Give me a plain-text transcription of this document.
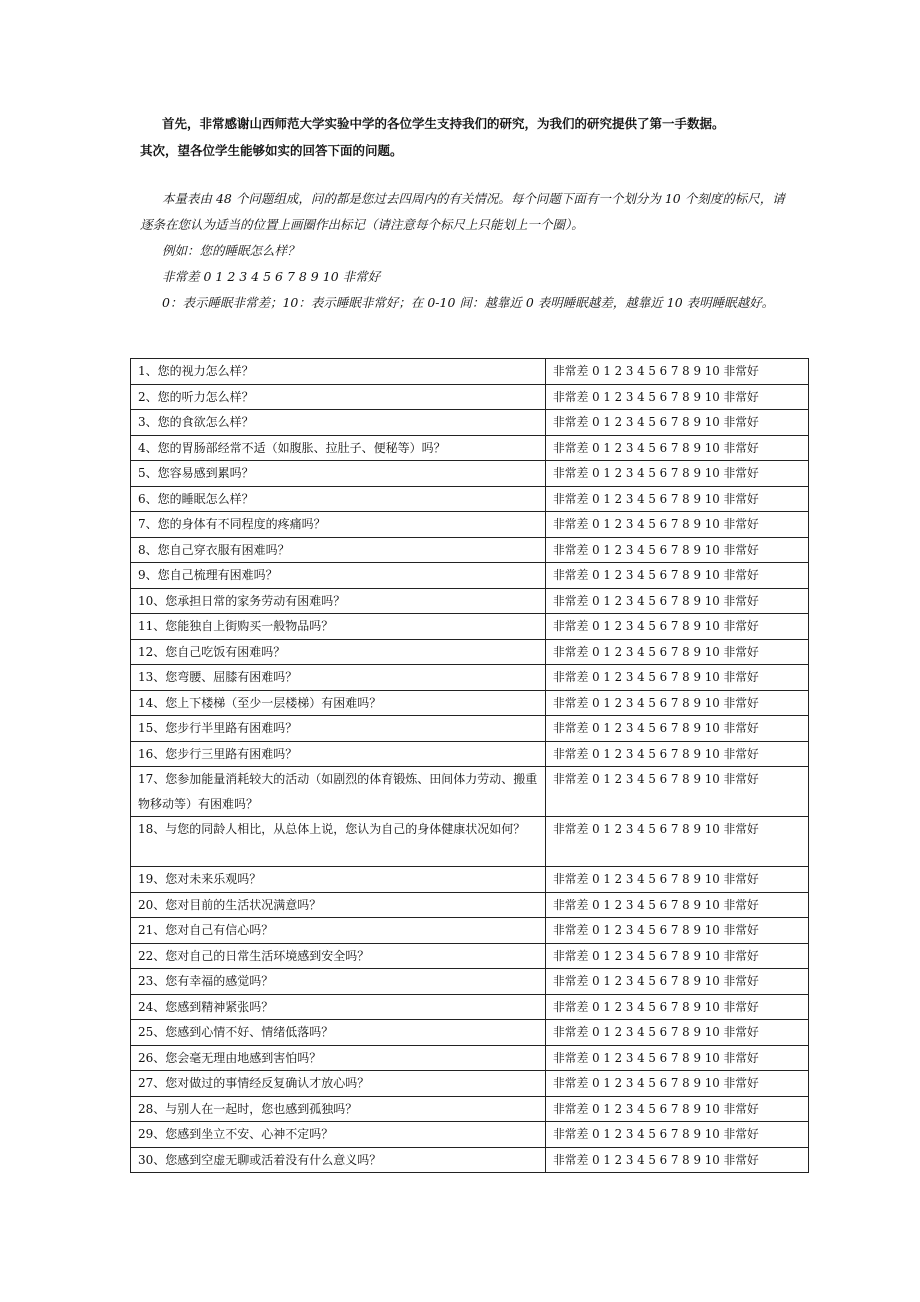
首先，非常感谢山西师范大学实验中学的各位学生支持我们的研究，为我们的研究提供了第一手数据。

其次，望各位学生能够如实的回答下面的问题。

本量表由 48 个问题组成，问的都是您过去四周内的有关情况。每个问题下面有一个划分为 10 个刻度的标尺，请逐条在您认为适当的位置上画圈作出标记（请注意每个标尺上只能划上一个圈）。

例如：您的睡眠怎么样？

非常差 0 1 2 3 4 5 6 7 8 9 10 非常好

0：表示睡眠非常差；10：表示睡眠非常好；在 0-10 间：越靠近 0 表明睡眠越差，越靠近 10 表明睡眠越好。

1、您的视力怎么样？	非常差 0 1 2 3 4 5 6 7 8 9 10 非常好
2、您的听力怎么样？	非常差 0 1 2 3 4 5 6 7 8 9 10 非常好
3、您的食欲怎么样？	非常差 0 1 2 3 4 5 6 7 8 9 10 非常好
4、您的胃肠部经常不适（如腹胀、拉肚子、便秘等）吗？	非常差 0 1 2 3 4 5 6 7 8 9 10 非常好
5、您容易感到累吗？	非常差 0 1 2 3 4 5 6 7 8 9 10 非常好
6、您的睡眠怎么样？	非常差 0 1 2 3 4 5 6 7 8 9 10 非常好
7、您的身体有不同程度的疼痛吗？	非常差 0 1 2 3 4 5 6 7 8 9 10 非常好
8、您自己穿衣服有困难吗？	非常差 0 1 2 3 4 5 6 7 8 9 10 非常好
9、您自己梳理有困难吗？	非常差 0 1 2 3 4 5 6 7 8 9 10 非常好
10、您承担日常的家务劳动有困难吗？	非常差 0 1 2 3 4 5 6 7 8 9 10 非常好
11、您能独自上街购买一般物品吗？	非常差 0 1 2 3 4 5 6 7 8 9 10 非常好
12、您自己吃饭有困难吗？	非常差 0 1 2 3 4 5 6 7 8 9 10 非常好
13、您弯腰、屈膝有困难吗？	非常差 0 1 2 3 4 5 6 7 8 9 10 非常好
14、您上下楼梯（至少一层楼梯）有困难吗？	非常差 0 1 2 3 4 5 6 7 8 9 10 非常好
15、您步行半里路有困难吗？	非常差 0 1 2 3 4 5 6 7 8 9 10 非常好
16、您步行三里路有困难吗？	非常差 0 1 2 3 4 5 6 7 8 9 10 非常好
17、您参加能量消耗较大的活动（如剧烈的体育锻炼、田间体力劳动、搬重物移动等）有困难吗？	非常差 0 1 2 3 4 5 6 7 8 9 10 非常好
18、与您的同龄人相比，从总体上说，您认为自己的身体健康状况如何？	非常差 0 1 2 3 4 5 6 7 8 9 10 非常好
19、您对未来乐观吗？	非常差 0 1 2 3 4 5 6 7 8 9 10 非常好
20、您对目前的生活状况满意吗？	非常差 0 1 2 3 4 5 6 7 8 9 10 非常好
21、您对自己有信心吗？	非常差 0 1 2 3 4 5 6 7 8 9 10 非常好
22、您对自己的日常生活环境感到安全吗？	非常差 0 1 2 3 4 5 6 7 8 9 10 非常好
23、您有幸福的感觉吗？	非常差 0 1 2 3 4 5 6 7 8 9 10 非常好
24、您感到精神紧张吗？	非常差 0 1 2 3 4 5 6 7 8 9 10 非常好
25、您感到心情不好、情绪低落吗？	非常差 0 1 2 3 4 5 6 7 8 9 10 非常好
26、您会毫无理由地感到害怕吗？	非常差 0 1 2 3 4 5 6 7 8 9 10 非常好
27、您对做过的事情经反复确认才放心吗？	非常差 0 1 2 3 4 5 6 7 8 9 10 非常好
28、与别人在一起时，您也感到孤独吗？	非常差 0 1 2 3 4 5 6 7 8 9 10 非常好
29、您感到坐立不安、心神不定吗？	非常差 0 1 2 3 4 5 6 7 8 9 10 非常好
30、您感到空虚无聊或活着没有什么意义吗？	非常差 0 1 2 3 4 5 6 7 8 9 10 非常好
